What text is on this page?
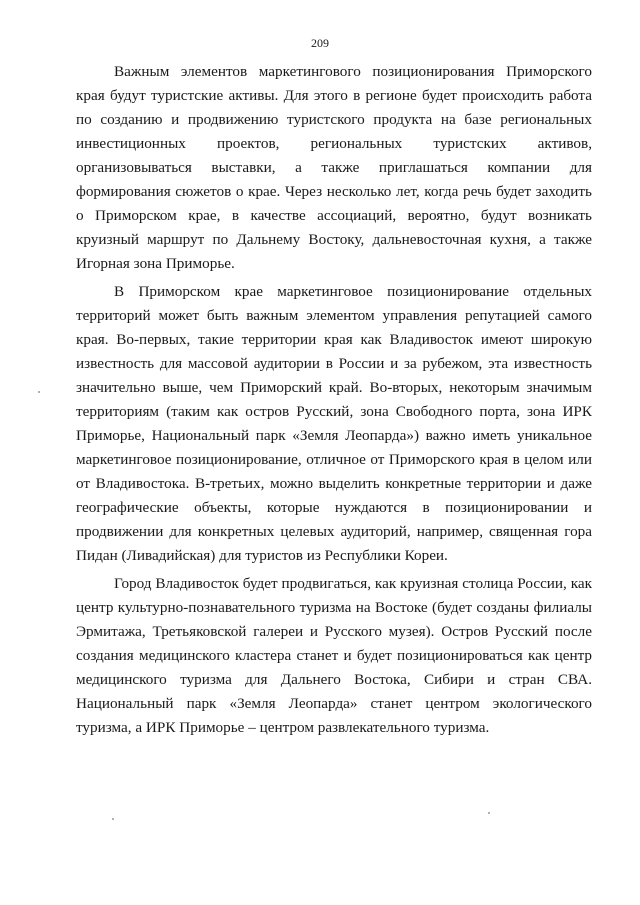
209

Важным элементов маркетингового позиционирования Приморского края будут туристские активы. Для этого в регионе будет происходить работа по созданию и продвижению туристского продукта на базе региональных инвестиционных проектов, региональных туристских активов, организовываться выставки, а также приглашаться компании для формирования сюжетов о крае. Через несколько лет, когда речь будет заходить о Приморском крае, в качестве ассоциаций, вероятно, будут возникать круизный маршрут по Дальнему Востоку, дальневосточная кухня, а также Игорная зона Приморье.

В Приморском крае маркетинговое позиционирование отдельных территорий может быть важным элементом управления репутацией самого края. Во-первых, такие территории края как Владивосток имеют широкую известность для массовой аудитории в России и за рубежом, эта известность значительно выше, чем Приморский край. Во-вторых, некоторым значимым территориям (таким как остров Русский, зона Свободного порта, зона ИРК Приморье, Национальный парк «Земля Леопарда») важно иметь уникальное маркетинговое позиционирование, отличное от Приморского края в целом или от Владивостока. В-третьих, можно выделить конкретные территории и даже географические объекты, которые нуждаются в позиционировании и продвижении для конкретных целевых аудиторий, например, священная гора Пидан (Ливадийская) для туристов из Республики Кореи.

Город Владивосток будет продвигаться, как круизная столица России, как центр культурно-познавательного туризма на Востоке (будет созданы филиалы Эрмитажа, Третьяковской галереи и Русского музея). Остров Русский после создания медицинского кластера станет и будет позиционироваться как центр медицинского туризма для Дальнего Востока, Сибири и стран СВА. Национальный парк «Земля Леопарда» станет центром экологического туризма, а ИРК Приморье – центром развлекательного туризма.
